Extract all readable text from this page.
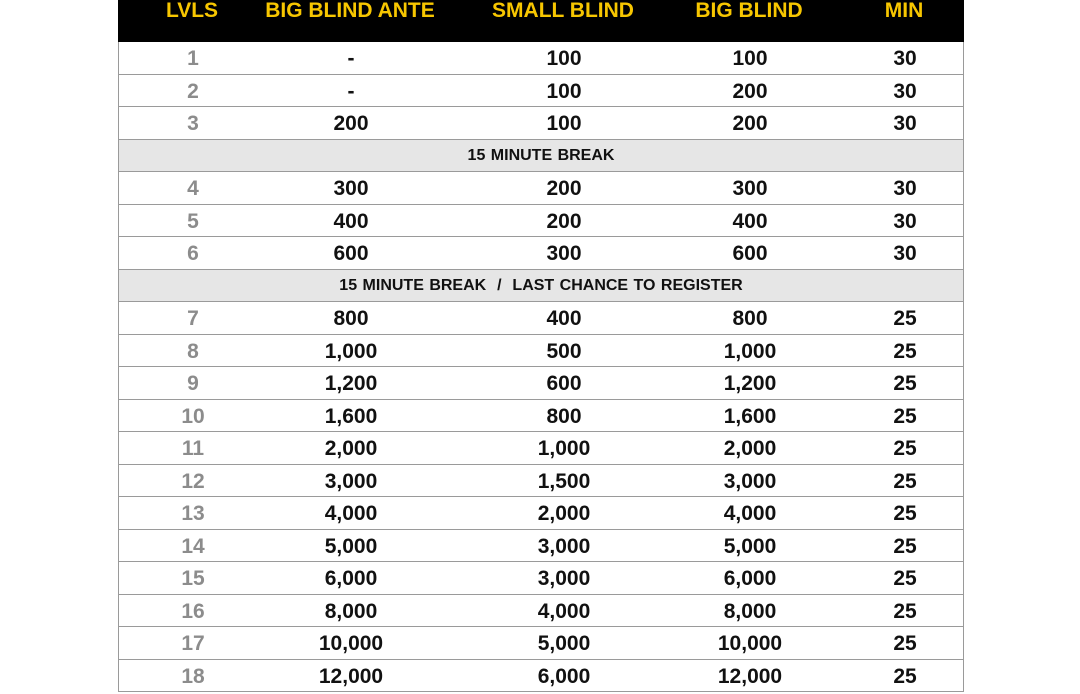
LVLS	BIG BLIND ANTE	SMALL BLIND	BIG BLIND	MIN
1	-	100	100	30
2	-	100	200	30
3	200	100	200	30
15 MINUTE BREAK
4	300	200	300	30
5	400	200	400	30
6	600	300	600	30
15 MINUTE BREAK  /  LAST CHANCE TO REGISTER
7	800	400	800	25
8	1,000	500	1,000	25
9	1,200	600	1,200	25
10	1,600	800	1,600	25
11	2,000	1,000	2,000	25
12	3,000	1,500	3,000	25
13	4,000	2,000	4,000	25
14	5,000	3,000	5,000	25
15	6,000	3,000	6,000	25
16	8,000	4,000	8,000	25
17	10,000	5,000	10,000	25
18	12,000	6,000	12,000	25
